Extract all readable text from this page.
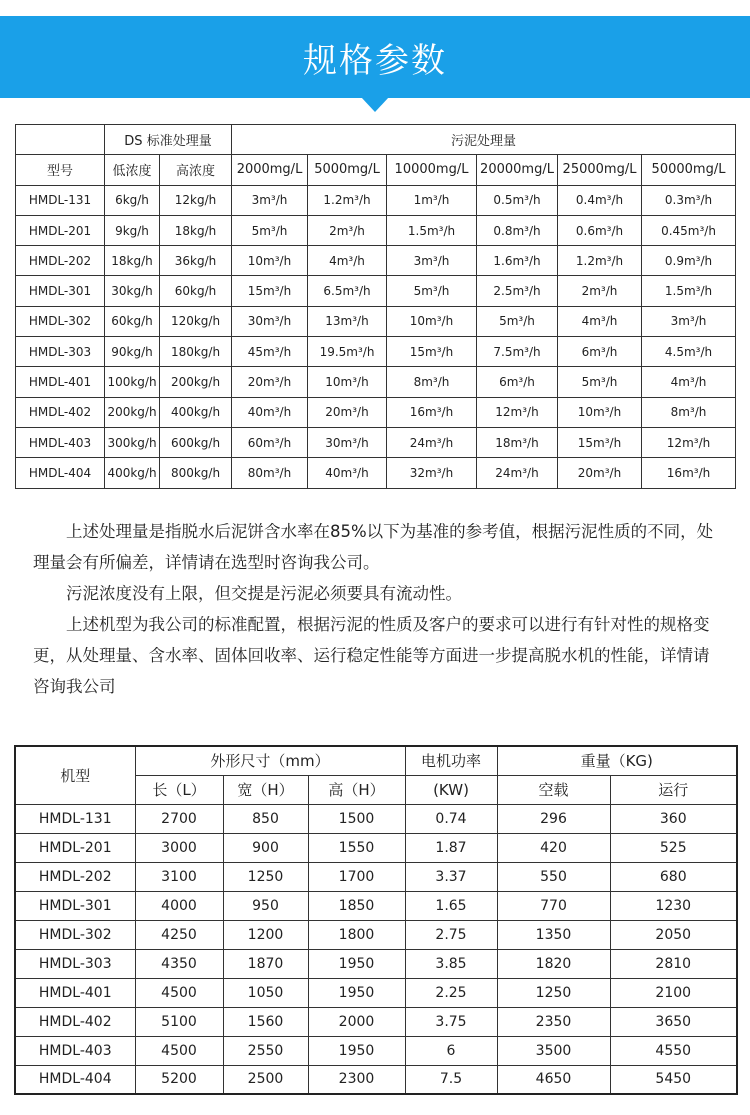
规格参数
	DS 标准处理量		污泥处理量					
型号	低浓度	高浓度	2000mg/L	5000mg/L	10000mg/L	20000mg/L	25000mg/L	50000mg/L
HMDL-131	6kg/h	12kg/h	3m³/h	1.2m³/h	1m³/h	0.5m³/h	0.4m³/h	0.3m³/h
HMDL-201	9kg/h	18kg/h	5m³/h	2m³/h	1.5m³/h	0.8m³/h	0.6m³/h	0.45m³/h
HMDL-202	18kg/h	36kg/h	10m³/h	4m³/h	3m³/h	1.6m³/h	1.2m³/h	0.9m³/h
HMDL-301	30kg/h	60kg/h	15m³/h	6.5m³/h	5m³/h	2.5m³/h	2m³/h	1.5m³/h
HMDL-302	60kg/h	120kg/h	30m³/h	13m³/h	10m³/h	5m³/h	4m³/h	3m³/h
HMDL-303	90kg/h	180kg/h	45m³/h	19.5m³/h	15m³/h	7.5m³/h	6m³/h	4.5m³/h
HMDL-401	100kg/h	200kg/h	20m³/h	10m³/h	8m³/h	6m³/h	5m³/h	4m³/h
HMDL-402	200kg/h	400kg/h	40m³/h	20m³/h	16m³/h	12m³/h	10m³/h	8m³/h
HMDL-403	300kg/h	600kg/h	60m³/h	30m³/h	24m³/h	18m³/h	15m³/h	12m³/h
HMDL-404	400kg/h	800kg/h	80m³/h	40m³/h	32m³/h	24m³/h	20m³/h	16m³/h

上述处理量是指脱水后泥饼含水率在85%以下为基准的参考值，根据污泥性质的不同，处理量会有所偏差，详情请在选型时咨询我公司。

污泥浓度没有上限，但交提是污泥必须要具有流动性。

上述机型为我公司的标准配置，根据污泥的性质及客户的要求可以进行有针对性的规格变更，从处理量、含水率、固体回收率、运行稳定性能等方面进一步提高脱水机的性能，详情请咨询我公司

机型	外形尺寸（mm）			电机功率	重量（KG)	
	长（L）	宽（H）	高（H）	(KW)	空载	运行
HMDL-131	2700	850	1500	0.74	296	360
HMDL-201	3000	900	1550	1.87	420	525
HMDL-202	3100	1250	1700	3.37	550	680
HMDL-301	4000	950	1850	1.65	770	1230
HMDL-302	4250	1200	1800	2.75	1350	2050
HMDL-303	4350	1870	1950	3.85	1820	2810
HMDL-401	4500	1050	1950	2.25	1250	2100
HMDL-402	5100	1560	2000	3.75	2350	3650
HMDL-403	4500	2550	1950	6	3500	4550
HMDL-404	5200	2500	2300	7.5	4650	5450
